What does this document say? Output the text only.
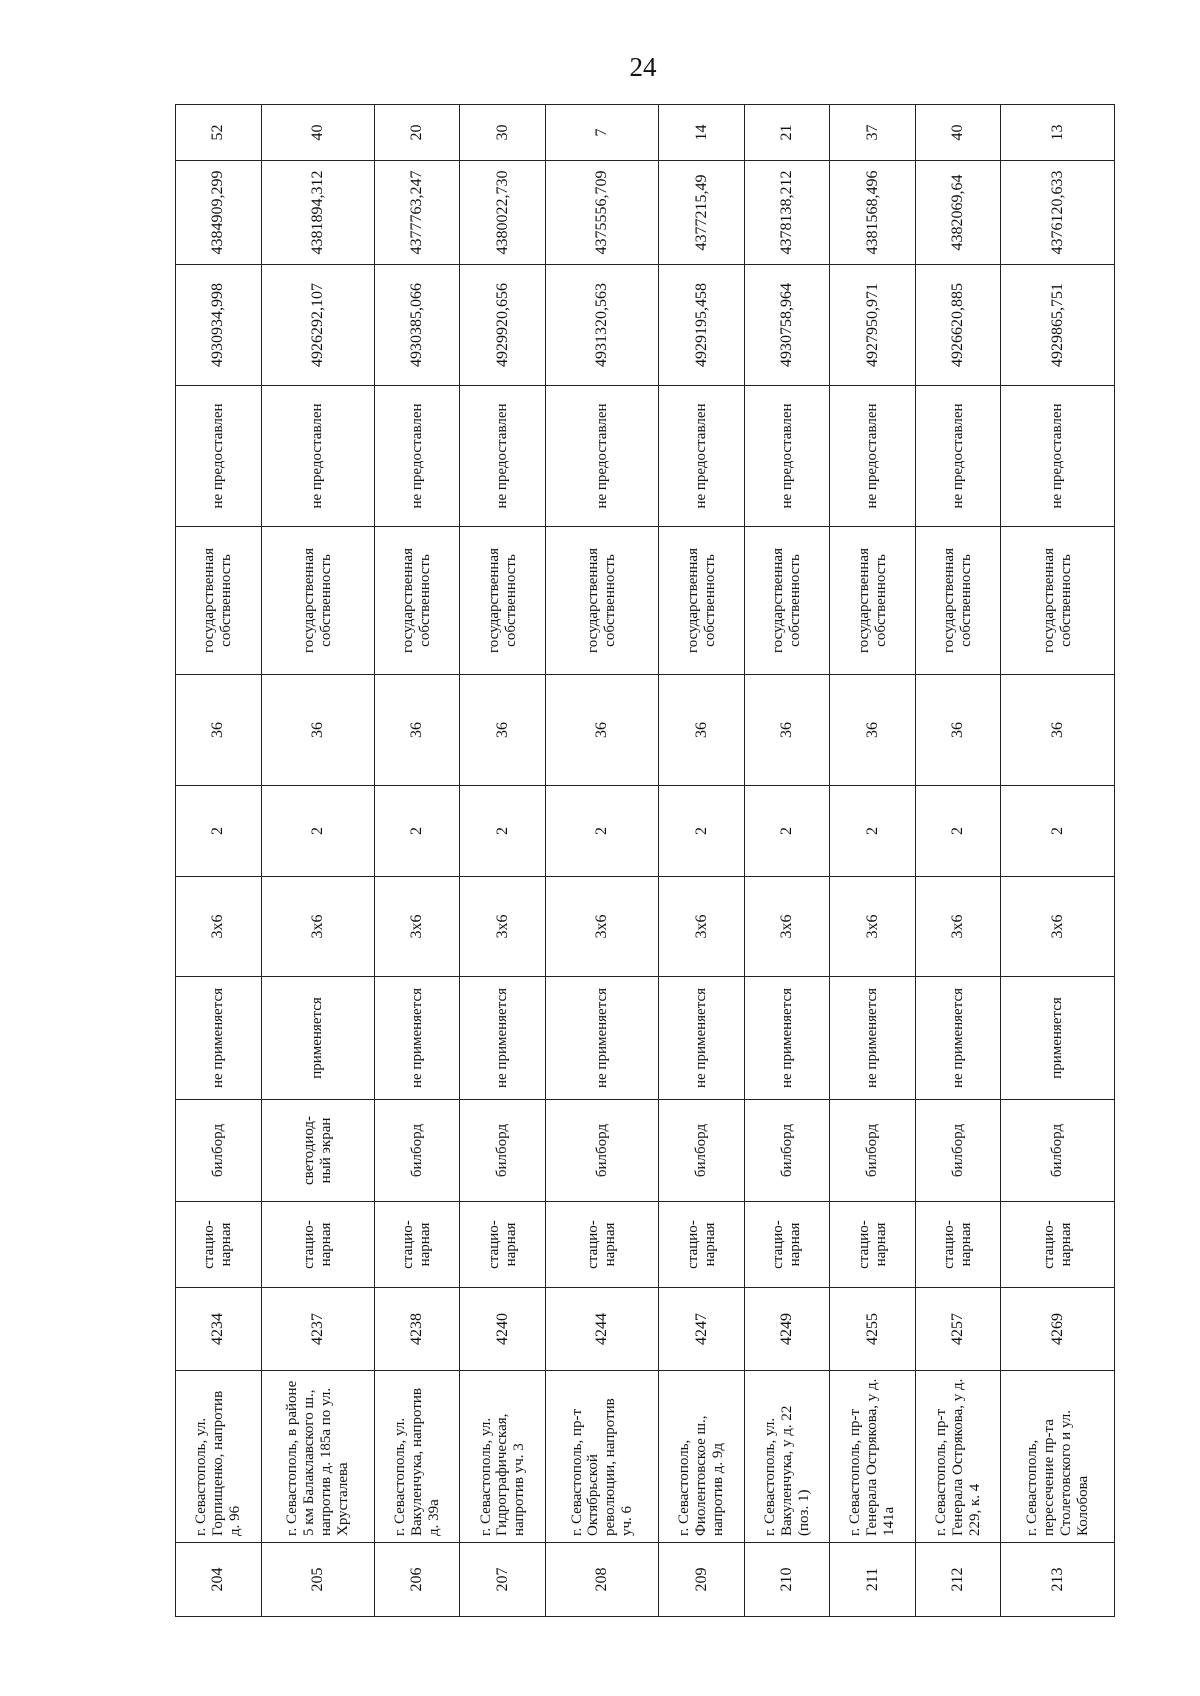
24
204	г. Севастополь, ул. Горпищенко, напротив д. 96	4234	стацио-нарная	билборд	не применяется	3х6	2	36	государственная собственность	не предоставлен	4930934,998	4384909,299	52
205	г. Севастополь, в районе 5 км Балаклавского ш., напротив д. 185а по ул. Хрусталева	4237	стацио-нарная	светодиод-ный экран	применяется	3х6	2	36	государственная собственность	не предоставлен	4926292,107	4381894,312	40
206	г. Севастополь, ул. Вакуленчука, напротив д. 39а	4238	стацио-нарная	билборд	не применяется	3х6	2	36	государственная собственность	не предоставлен	4930385,066	4377763,247	20
207	г. Севастополь, ул. Гидрографическая, напротив уч. 3	4240	стацио-нарная	билборд	не применяется	3х6	2	36	государственная собственность	не предоставлен	4929920,656	4380022,730	30
208	г. Севастополь, пр-т Октябрьской революции, напротив уч. 6	4244	стацио-нарная	билборд	не применяется	3х6	2	36	государственная собственность	не предоставлен	4931320,563	4375556,709	7
209	г. Севастополь, Фиолентовское ш., напротив д. 9д	4247	стацио-нарная	билборд	не применяется	3х6	2	36	государственная собственность	не предоставлен	4929195,458	4377215,49	14
210	г. Севастополь, ул. Вакуленчука, у д. 22 (поз. 1)	4249	стацио-нарная	билборд	не применяется	3х6	2	36	государственная собственность	не предоставлен	4930758,964	4378138,212	21
211	г. Севастополь, пр-т Генерала Острякова, у д. 141а	4255	стацио-нарная	билборд	не применяется	3х6	2	36	государственная собственность	не предоставлен	4927950,971	4381568,496	37
212	г. Севастополь, пр-т Генерала Острякова, у д. 229, к. 4	4257	стацио-нарная	билборд	не применяется	3х6	2	36	государственная собственность	не предоставлен	4926620,885	4382069,64	40
213	г. Севастополь, пересечение пр-та Столетовского и ул. Колобова	4269	стацио-нарная	билборд	применяется	3х6	2	36	государственная собственность	не предоставлен	4929865,751	4376120,633	13
